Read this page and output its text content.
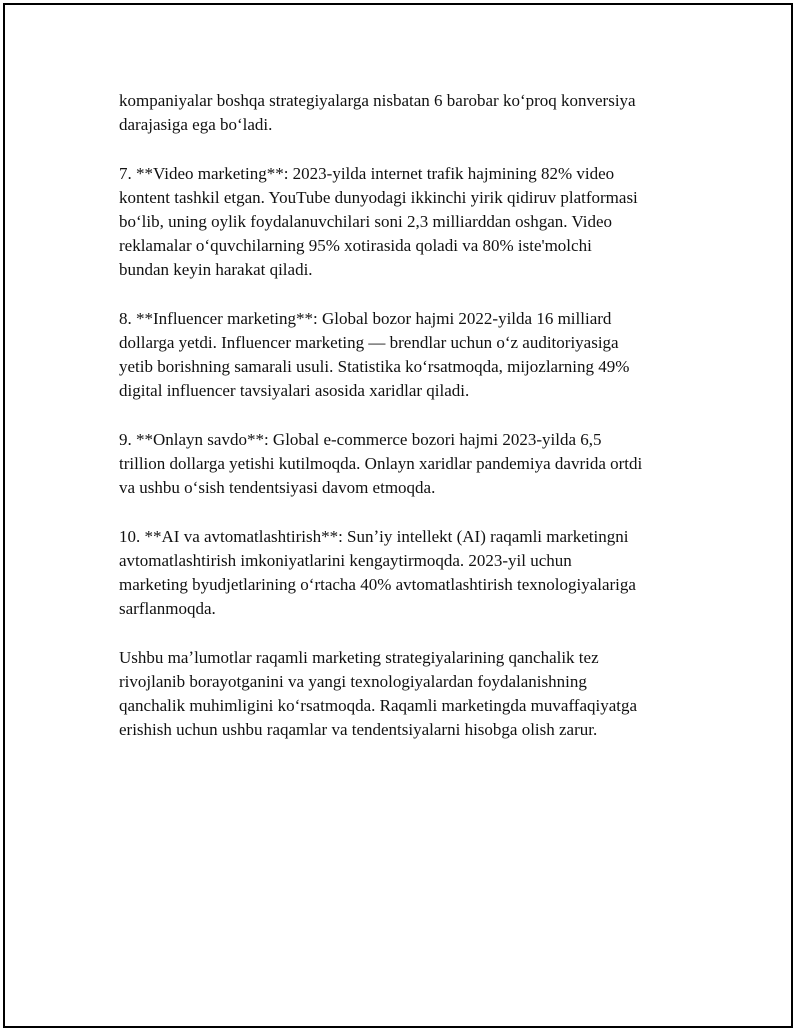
kompaniyalar boshqa strategiyalarga nisbatan 6 barobar koʻproq konversiya
darajasiga ega boʻladi.

7. **Video marketing**: 2023-yilda internet trafik hajmining 82% video
kontent tashkil etgan. YouTube dunyodagi ikkinchi yirik qidiruv platformasi
boʻlib, uning oylik foydalanuvchilari soni 2,3 milliarddan oshgan. Video
reklamalar oʻquvchilarning 95% xotirasida qoladi va 80% iste'molchi
bundan keyin harakat qiladi.

8. **Influencer marketing**: Global bozor hajmi 2022-yilda 16 milliard
dollarga yetdi. Influencer marketing — brendlar uchun oʻz auditoriyasiga
yetib borishning samarali usuli. Statistika koʻrsatmoqda, mijozlarning 49%
digital influencer tavsiyalari asosida xaridlar qiladi.

9. **Onlayn savdo**: Global e-commerce bozori hajmi 2023-yilda 6,5
trillion dollarga yetishi kutilmoqda. Onlayn xaridlar pandemiya davrida ortdi
va ushbu oʻsish tendentsiyasi davom etmoqda.

10. **AI va avtomatlashtirish**: Sunʼiy intellekt (AI) raqamli marketingni
avtomatlashtirish imkoniyatlarini kengaytirmoqda. 2023-yil uchun
marketing byudjetlarining oʻrtacha 40% avtomatlashtirish texnologiyalariga
sarflanmoqda.

Ushbu maʼlumotlar raqamli marketing strategiyalarining qanchalik tez
rivojlanib borayotganini va yangi texnologiyalardan foydalanishning
qanchalik muhimligini koʻrsatmoqda. Raqamli marketingda muvaffaqiyatga
erishish uchun ushbu raqamlar va tendentsiyalarni hisobga olish zarur.
